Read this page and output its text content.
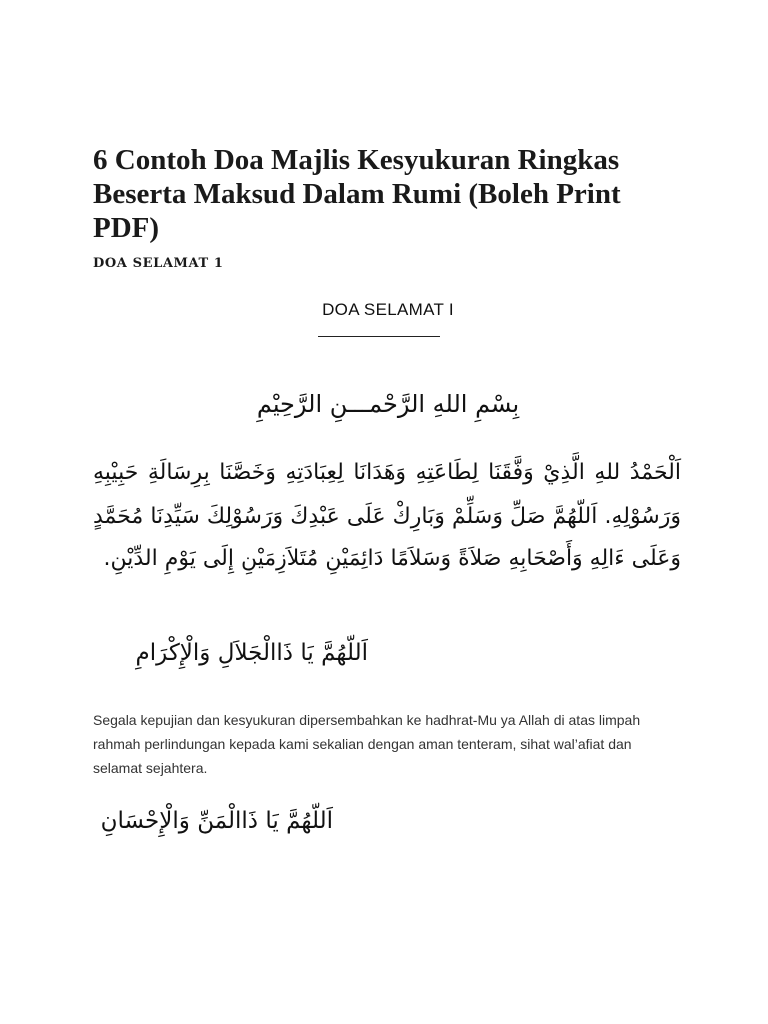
6 Contoh Doa Majlis Kesyukuran Ringkas Beserta Maksud Dalam Rumi (Boleh Print PDF)
DOA SELAMAT 1
DOA SELAMAT I
بِسْمِ اللهِ الرَّحْمـــنِ الرَّحِيْمِ
اَلْحَمْدُ للهِ الَّذِيْ وَفَّقَنَا لِطَاعَتِهِ وَهَدَانَا لِعِبَادَتِهِ وَخَصَّنَا بِرِسَالَةِ حَبِيْبِهِ
وَرَسُوْلِهِ. اَللّهُمَّ صَلِّ وَسَلِّمْ وَبَارِكْ عَلَى عَبْدِكَ وَرَسُوْلِكَ سَيِّدِنَا مُحَمَّدٍ
وَعَلَى ءَالِهِ وَأَصْحَابِهِ صَلاَةً وَسَلاَمًا دَائِمَيْنِ مُتَلاَزِمَيْنِ إِلَى يَوْمِ الدِّيْنِ.
اَللّهُمَّ يَا ذَاالْجَلاَلِ وَالْإِكْرَامِ

Segala kepujian dan kesyukuran dipersembahkan ke hadhrat-Mu ya Allah di atas limpah rahmah perlindungan kepada kami sekalian dengan aman tenteram, sihat wal’afiat dan selamat sejahtera.

اَللّهُمَّ يَا ذَاالْمَنِّ وَالْإِحْسَانِ
